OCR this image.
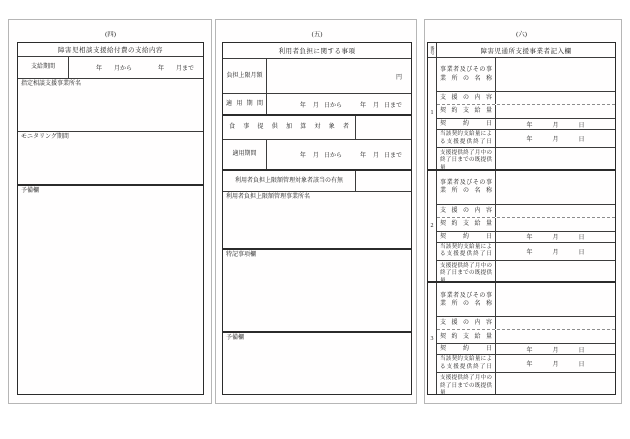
(四)
障害児相談支援給付費の支給内容
支給期間	年 月から	年 月まで
指定相談支援事業所名
モニタリング期間
予備欄
(五)
利用者負担に関する事項
負担上限月額	円
適用期間	年 月 日から	年 月 日まで
食事提供加算対象者
適用期間	年 月 日から	年 月 日まで
利用者負担上限額管理対象者該当の有無
利用者負担上限額管理事業所名
特記事項欄
予備欄
(六)
番号	障害児通所支援事業者記入欄
1
事業者及びその事業所の名称
支援の内容
契約支給量
契約日	年	月	日
当該契約支給量による支援提供終了日	年	月	日
支援提供終了月中の終了日までの既提供量
2
事業者及びその事業所の名称
支援の内容
契約支給量
契約日	年	月	日
当該契約支給量による支援提供終了日	年	月	日
支援提供終了月中の終了日までの既提供量
3
事業者及びその事業所の名称
支援の内容
契約支給量
契約日	年	月	日
当該契約支給量による支援提供終了日	年	月	日
支援提供終了月中の終了日までの既提供量
